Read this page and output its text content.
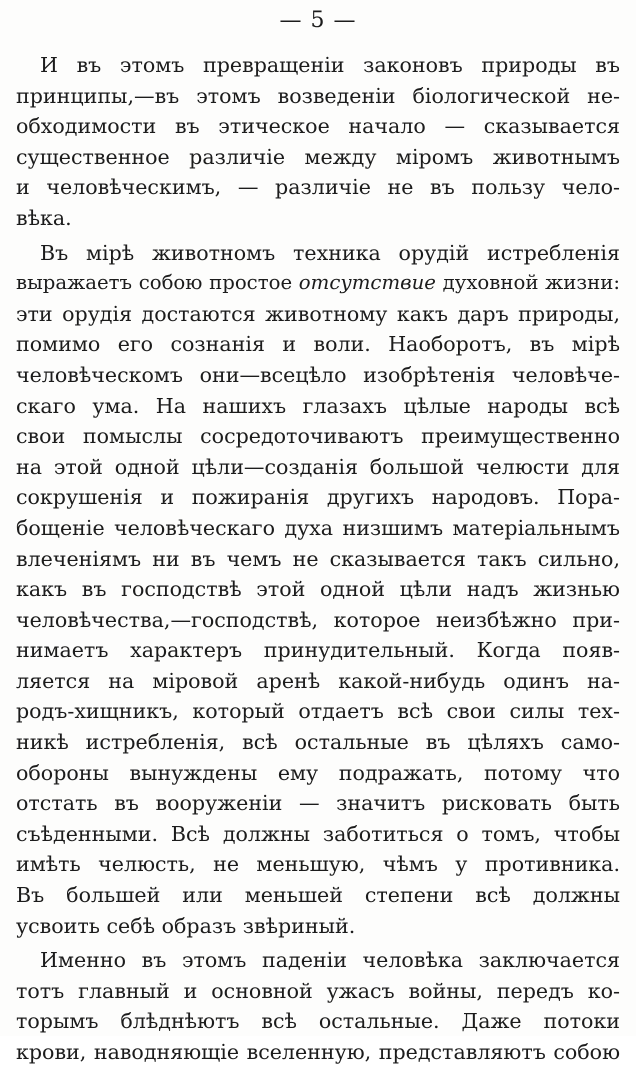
— 5 —
И въ этомъ превращенiи законовъ природы въ
принципы,—въ этомъ возведенiи бiологической не-
обходимости въ этическое начало — сказывается
существенное различiе между мiромъ животнымъ
и человѣческимъ, — различiе не въ пользу чело-
вѣка.
Въ мiрѣ животномъ техника орудiй истребленiя
выражаетъ собою простое отсутствие духовной жизни:
эти орудiя достаются животному какъ даръ природы,
помимо его сознанiя и воли. Наоборотъ, въ мiрѣ
человѣческомъ они—всецѣло изобрѣтенiя человѣче-
скаго ума. На нашихъ глазахъ цѣлые народы всѣ
свои помыслы сосредоточиваютъ преимущественно
на этой одной цѣли—созданiя большой челюсти для
сокрушенiя и пожиранiя другихъ народовъ. Пора-
бощенiе человѣческаго духа низшимъ матерiальнымъ
влеченiямъ ни въ чемъ не сказывается такъ сильно,
какъ въ господствѣ этой одной цѣли надъ жизнью
человѣчества,—господствѣ, которое неизбѣжно при-
нимаетъ характеръ принудительный. Когда появ-
ляется на мiровой аренѣ какой-нибудь одинъ на-
родъ-хищникъ, который отдаетъ всѣ свои силы тех-
никѣ истребленiя, всѣ остальные въ цѣляхъ само-
обороны вынуждены ему подражать, потому что
отстать въ вооруженiи — значитъ рисковать быть
съѣденными. Всѣ должны заботиться о томъ, чтобы
имѣть челюсть, не меньшую, чѣмъ у противника.
Въ большей или меньшей степени всѣ должны
усвоить себѣ образъ звѣриный.
Именно въ этомъ паденiи человѣка заключается
тотъ главный и основной ужасъ войны, передъ ко-
торымъ блѣднѣютъ всѣ остальные. Даже потоки
крови, наводняющiе вселенную, представляютъ собою
